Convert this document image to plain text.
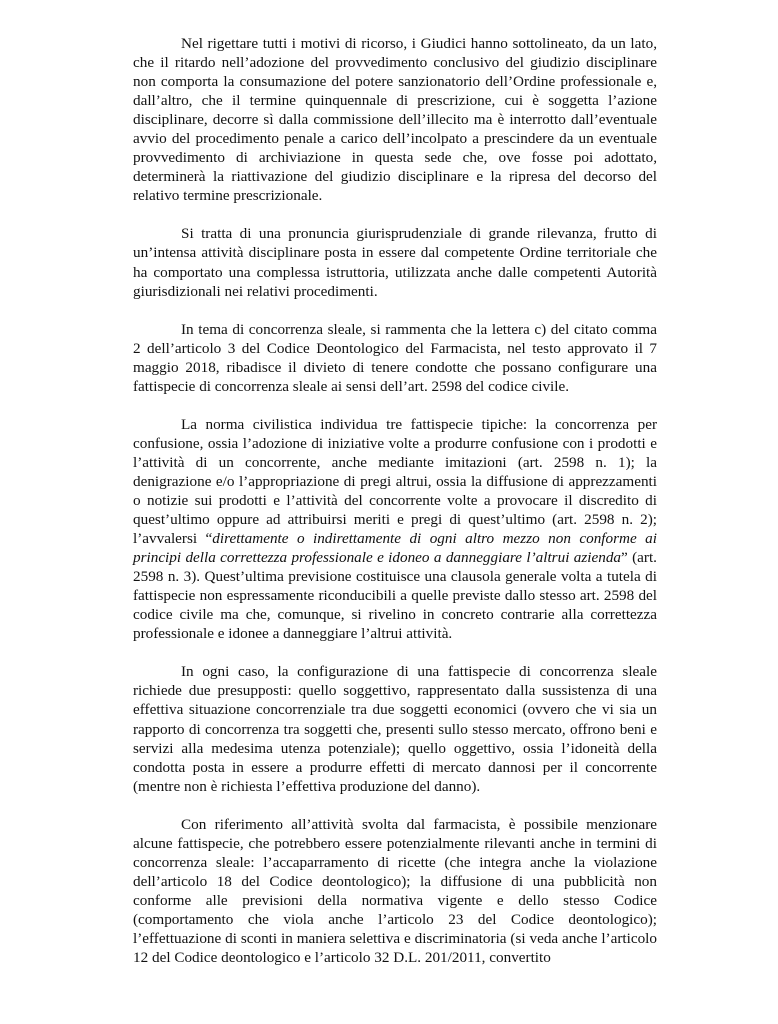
Nel rigettare tutti i motivi di ricorso, i Giudici hanno sottolineato, da un lato, che il ritardo nell’adozione del provvedimento conclusivo del giudizio disciplinare non comporta la consumazione del potere sanzionatorio dell’Ordine professionale e, dall’altro, che il termine quinquennale di prescrizione, cui è soggetta l’azione disciplinare, decorre sì dalla commissione dell’illecito ma è interrotto dall’eventuale avvio del procedimento penale a carico dell’incolpato a prescindere da un eventuale provvedimento di archiviazione in questa sede che, ove fosse poi adottato, determinerà la riattivazione del giudizio disciplinare e la ripresa del decorso del relativo termine prescrizionale.

Si tratta di una pronuncia giurisprudenziale di grande rilevanza, frutto di un’intensa attività disciplinare posta in essere dal competente Ordine territoriale che ha comportato una complessa istruttoria, utilizzata anche dalle competenti Autorità giurisdizionali nei relativi procedimenti.

In tema di concorrenza sleale, si rammenta che la lettera c) del citato comma 2 dell’articolo 3 del Codice Deontologico del Farmacista, nel testo approvato il 7 maggio 2018, ribadisce il divieto di tenere condotte che possano configurare una fattispecie di concorrenza sleale ai sensi dell’art. 2598 del codice civile.

La norma civilistica individua tre fattispecie tipiche: la concorrenza per confusione, ossia l’adozione di iniziative volte a produrre confusione con i prodotti e l’attività di un concorrente, anche mediante imitazioni (art. 2598 n. 1); la denigrazione e/o l’appropriazione di pregi altrui, ossia la diffusione di apprezzamenti o notizie sui prodotti e l’attività del concorrente volte a provocare il discredito di quest’ultimo oppure ad attribuirsi meriti e pregi di quest’ultimo (art. 2598 n. 2); l’avvalersi “direttamente o indirettamente di ogni altro mezzo non conforme ai principi della correttezza professionale e idoneo a danneggiare l’altrui azienda” (art. 2598 n. 3). Quest’ultima previsione costituisce una clausola generale volta a tutela di fattispecie non espressamente riconducibili a quelle previste dallo stesso art. 2598 del codice civile ma che, comunque, si rivelino in concreto contrarie alla correttezza professionale e idonee a danneggiare l’altrui attività.

In ogni caso, la configurazione di una fattispecie di concorrenza sleale richiede due presupposti: quello soggettivo, rappresentato dalla sussistenza di una effettiva situazione concorrenziale tra due soggetti economici (ovvero che vi sia un rapporto di concorrenza tra soggetti che, presenti sullo stesso mercato, offrono beni e servizi alla medesima utenza potenziale); quello oggettivo, ossia l’idoneità della condotta posta in essere a produrre effetti di mercato dannosi per il concorrente (mentre non è richiesta l’effettiva produzione del danno).

Con riferimento all’attività svolta dal farmacista, è possibile menzionare alcune fattispecie, che potrebbero essere potenzialmente rilevanti anche in termini di concorrenza sleale: l’accaparramento di ricette (che integra anche la violazione dell’articolo 18 del Codice deontologico); la diffusione di una pubblicità non conforme alle previsioni della normativa vigente e dello stesso Codice (comportamento che viola anche l’articolo 23 del Codice deontologico); l’effettuazione di sconti in maniera selettiva e discriminatoria (si veda anche l’articolo 12 del Codice deontologico e l’articolo 32 D.L. 201/2011, convertito
